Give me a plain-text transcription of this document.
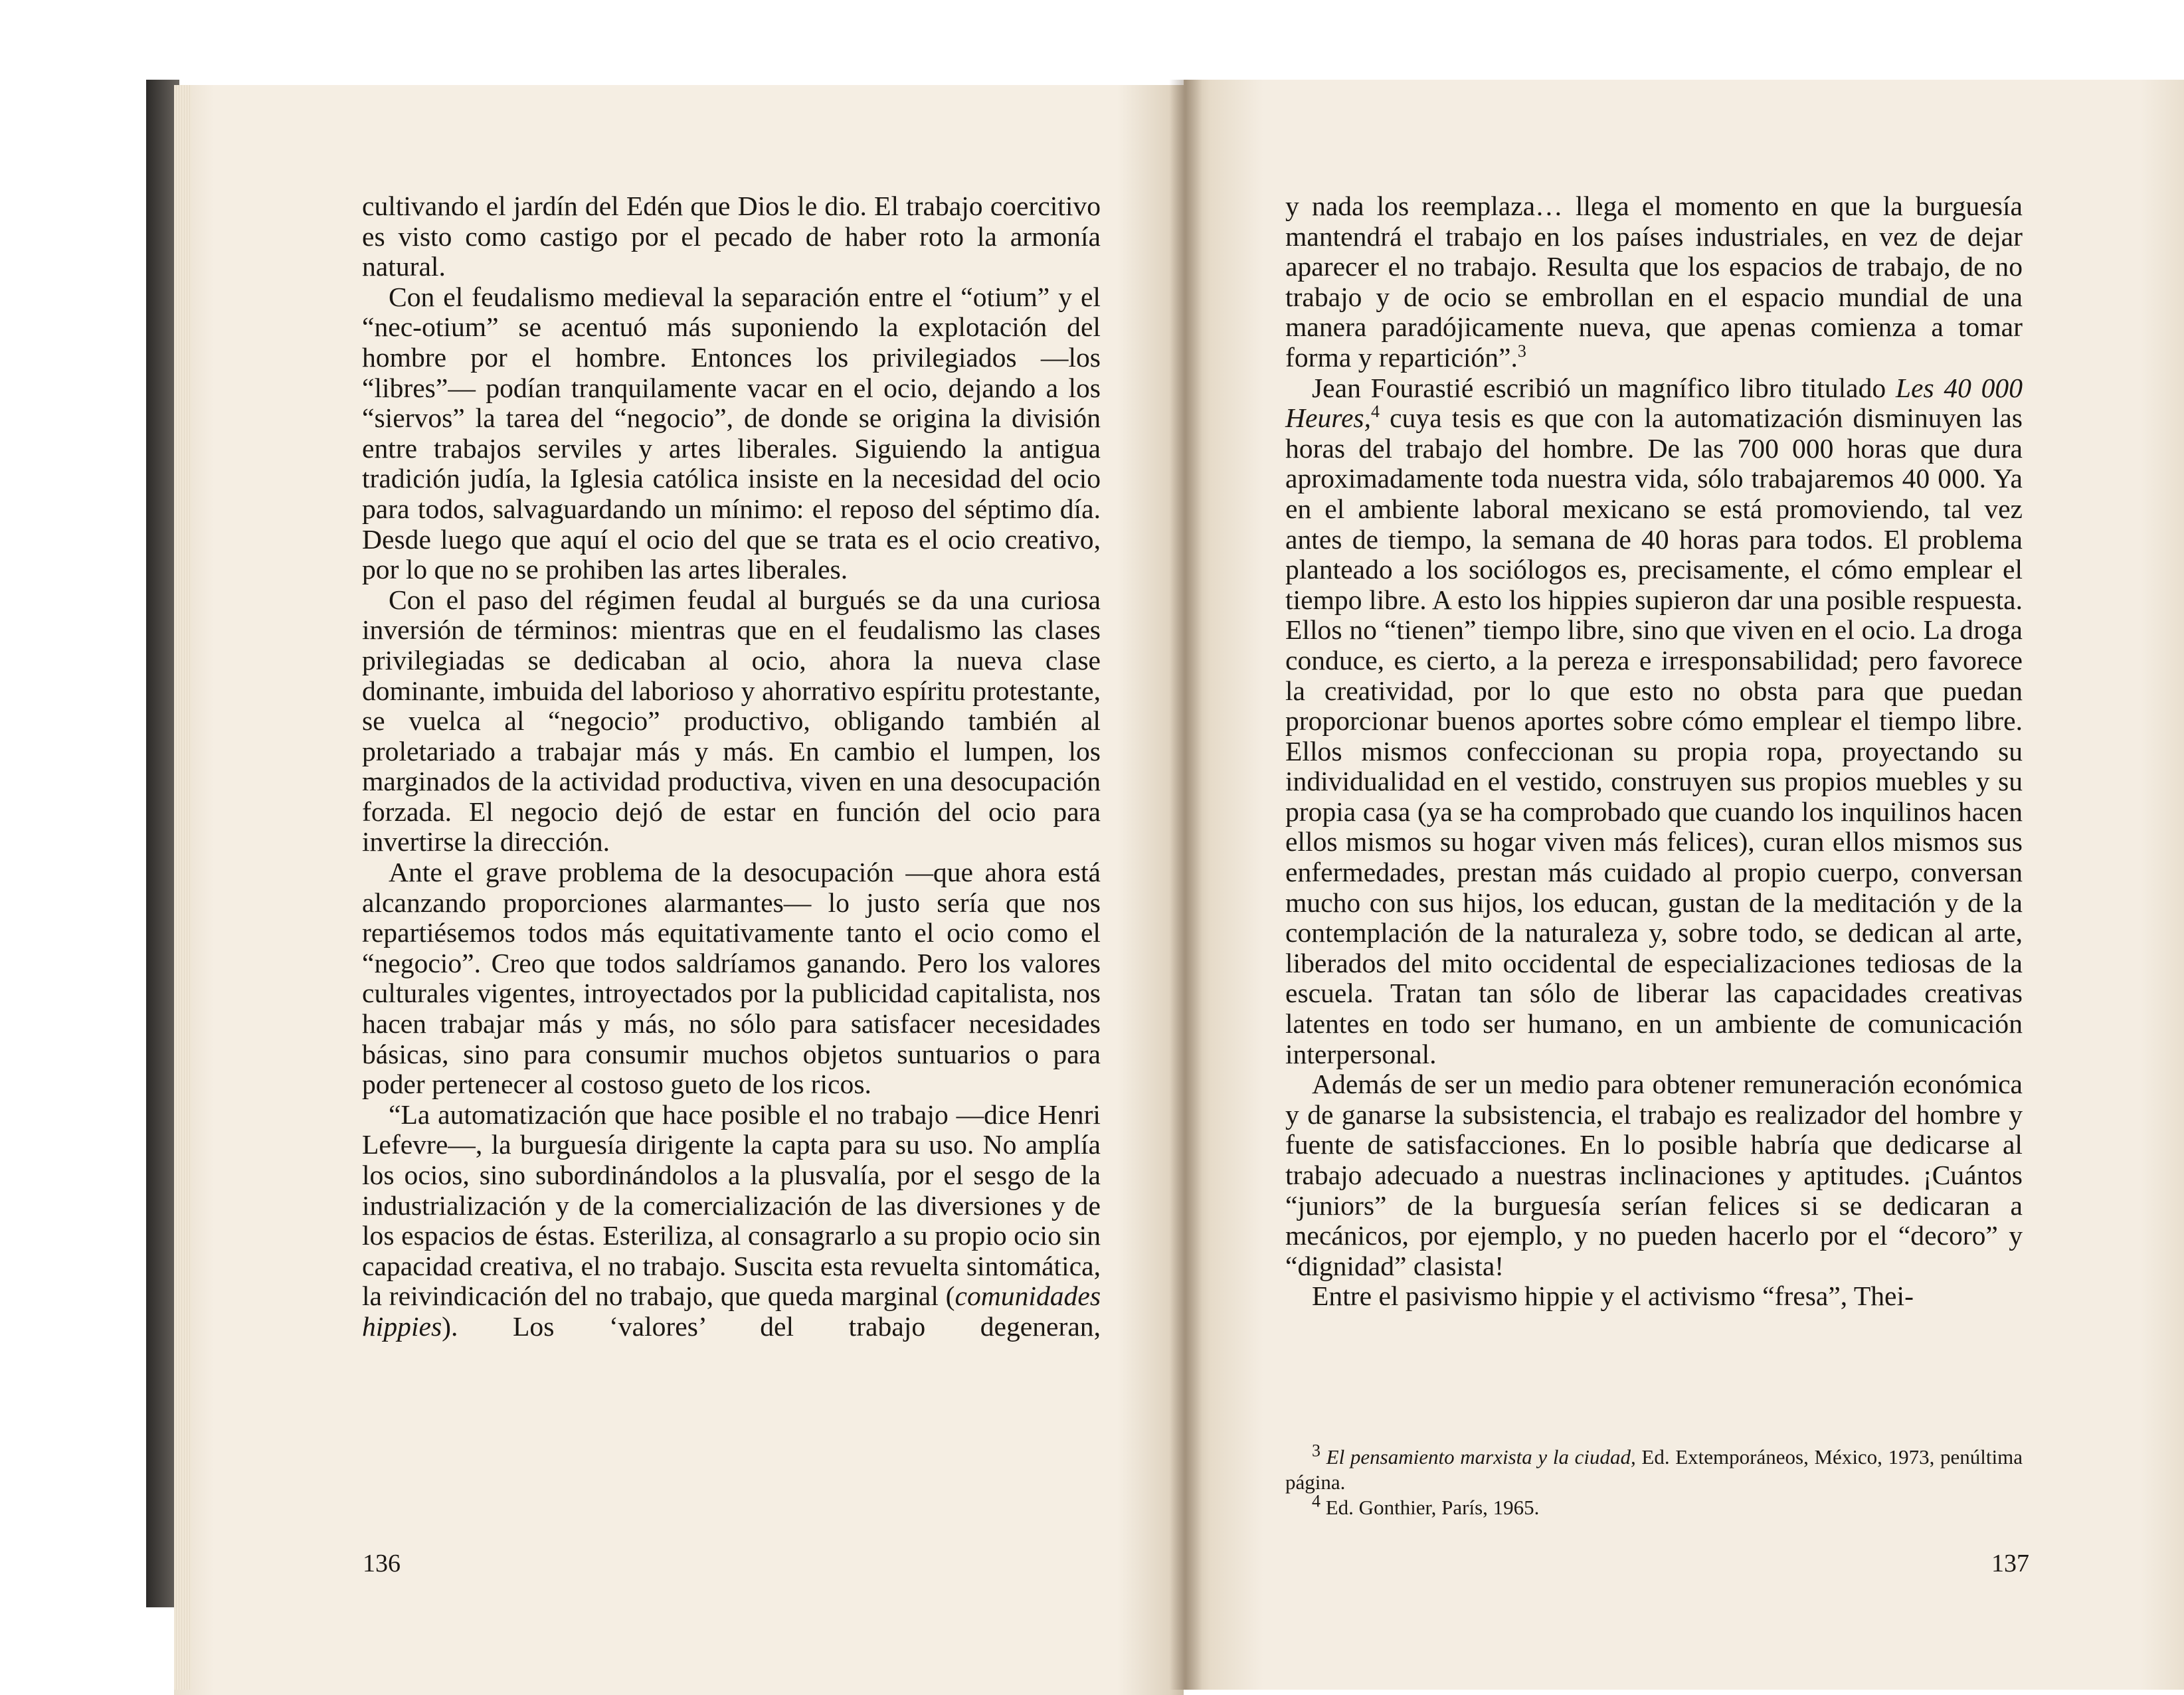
cultivando el jardín del Edén que Dios le dio. El trabajo coercitivo es visto como castigo por el pecado de haber roto la armonía natural.

Con el feudalismo medieval la separación entre el “otium” y el “nec-otium” se acentuó más suponiendo la explotación del hombre por el hombre. Entonces los privilegiados —los “libres”— podían tranquilamente vacar en el ocio, dejando a los “siervos” la tarea del “negocio”, de donde se origina la división entre trabajos serviles y artes liberales. Siguiendo la antigua tradición judía, la Iglesia católica insiste en la necesidad del ocio para todos, salvaguardando un mínimo: el reposo del séptimo día. Desde luego que aquí el ocio del que se trata es el ocio creativo, por lo que no se prohiben las artes liberales.

Con el paso del régimen feudal al burgués se da una curiosa inversión de términos: mientras que en el feudalismo las clases privilegiadas se dedicaban al ocio, ahora la nueva clase dominante, imbuida del laborioso y ahorrativo espíritu protestante, se vuelca al “negocio” productivo, obligando también al proletariado a trabajar más y más. En cambio el lumpen, los marginados de la actividad productiva, viven en una desocupación forzada. El negocio dejó de estar en función del ocio para invertirse la dirección.

Ante el grave problema de la desocupación —que ahora está alcanzando proporciones alarmantes— lo justo sería que nos repartiésemos todos más equitativamente tanto el ocio como el “negocio”. Creo que todos saldríamos ganando. Pero los valores culturales vigentes, introyectados por la publicidad capitalista, nos hacen trabajar más y más, no sólo para satisfacer necesidades básicas, sino para consumir muchos objetos suntuarios o para poder pertenecer al costoso gueto de los ricos.

“La automatización que hace posible el no trabajo —dice Henri Lefevre—, la burguesía dirigente la capta para su uso. No amplía los ocios, sino subordinándolos a la plusvalía, por el sesgo de la industrialización y de la comercialización de las diversiones y de los espacios de éstas. Esteriliza, al consagrarlo a su propio ocio sin capacidad creativa, el no trabajo. Suscita esta revuelta sintomática, la reivindicación del no trabajo, que queda marginal (comunidades hippies). Los ‘valores’ del trabajo degeneran,

136

y nada los reemplaza… llega el momento en que la burguesía mantendrá el trabajo en los países industriales, en vez de dejar aparecer el no trabajo. Resulta que los espacios de trabajo, de no trabajo y de ocio se embrollan en el espacio mundial de una manera paradójicamente nueva, que apenas comienza a tomar forma y repartición”.$^3$

Jean Fourastié escribió un magnífico libro titulado Les 40 000 Heures,$^4$ cuya tesis es que con la automatización disminuyen las horas del trabajo del hombre. De las 700 000 horas que dura aproximadamente toda nuestra vida, sólo trabajaremos 40 000. Ya en el ambiente laboral mexicano se está promoviendo, tal vez antes de tiempo, la semana de 40 horas para todos. El problema planteado a los sociólogos es, precisamente, el cómo emplear el tiempo libre. A esto los hippies supieron dar una posible respuesta. Ellos no “tienen” tiempo libre, sino que viven en el ocio. La droga conduce, es cierto, a la pereza e irresponsabilidad; pero favorece la creatividad, por lo que esto no obsta para que puedan proporcionar buenos aportes sobre cómo emplear el tiempo libre. Ellos mismos confeccionan su propia ropa, proyectando su individualidad en el vestido, construyen sus propios muebles y su propia casa (ya se ha comprobado que cuando los inquilinos hacen ellos mismos su hogar viven más felices), curan ellos mismos sus enfermedades, prestan más cuidado al propio cuerpo, conversan mucho con sus hijos, los educan, gustan de la meditación y de la contemplación de la naturaleza y, sobre todo, se dedican al arte, liberados del mito occidental de especializaciones tediosas de la escuela. Tratan tan sólo de liberar las capacidades creativas latentes en todo ser humano, en un ambiente de comunicación interpersonal.

Además de ser un medio para obtener remuneración económica y de ganarse la subsistencia, el trabajo es realizador del hombre y fuente de satisfacciones. En lo posible habría que dedicarse al trabajo adecuado a nuestras inclinaciones y aptitudes. ¡Cuántos “juniors” de la burguesía serían felices si se dedicaran a mecánicos, por ejemplo, y no pueden hacerlo por el “decoro” y “dignidad” clasista!

Entre el pasivismo hippie y el activismo “fresa”, Thei-

$^3$ El pensamiento marxista y la ciudad, Ed. Extemporáneos, México, 1973, penúltima página.

$^4$ Ed. Gonthier, París, 1965.

137
